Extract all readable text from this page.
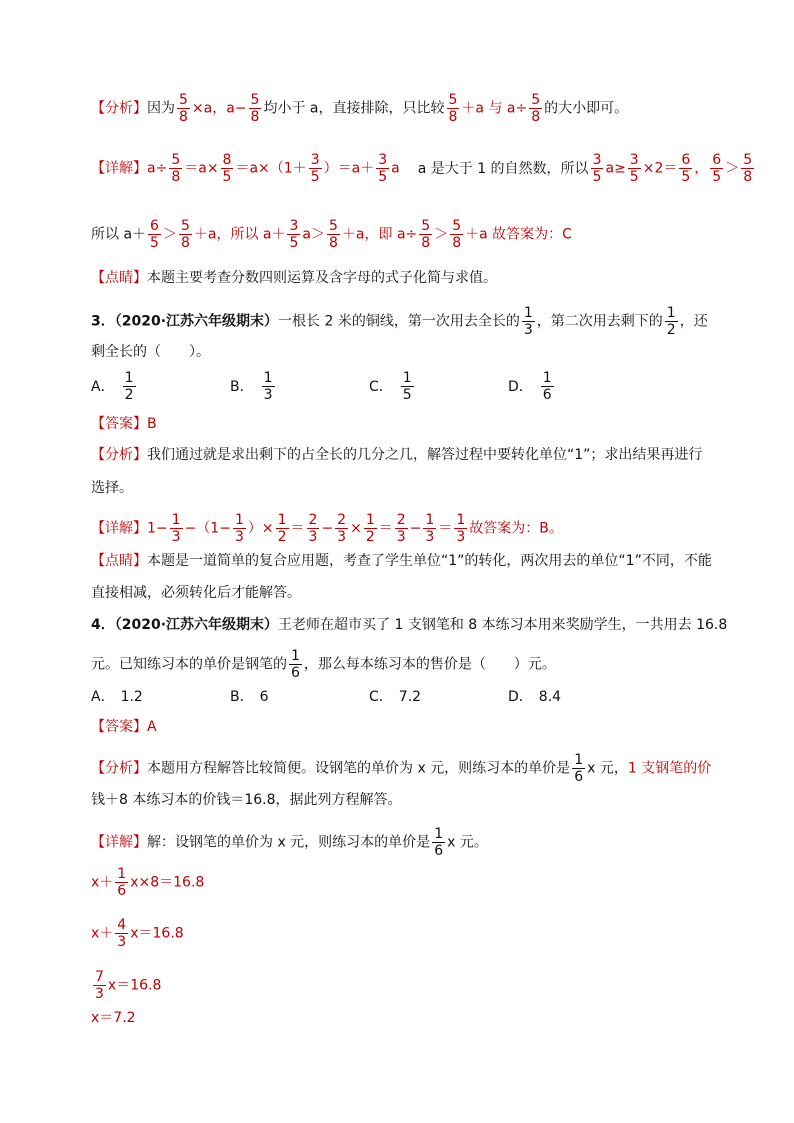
【分析】因为 $\frac{5}{8} \times a$，$a- \frac{5}{8}$ 均小于 a，直接排除，只比较 $\frac{5}{8} +a$ 与 $a\div \frac{5}{8}$ 的大小即可。
【详解】$a\div \frac{5}{8} =a\times \frac{8}{5} =a\times(1+ \frac{3}{5} )=a+ \frac{3}{5}$ a a 是大于 1 的自然数，所以 $\frac{3}{5} a\ge \frac{3}{5} \times 2= \frac{6}{5}$ ， $\frac{6}{5} > \frac{5}{8}$
所以 $a+ \frac{6}{5} > \frac{5}{8} +a$，所以 $a+ \frac{3}{5} a> \frac{5}{8} +a$，即 $a\div \frac{5}{8} > \frac{5}{8} +a$ 故答案为：C
【点睛】本题主要考查分数四则运算及含字母的式子化简与求值。
3．（2020·江苏六年级期末）一根长 2 米的铜线，第一次用去全长的 $\frac{1}{3}$ ，第二次用去剩下的 $\frac{1}{2}$ ，还
剩全长的（　　）。
A． $\frac{1}{2}$	B． $\frac{1}{3}$	C． $\frac{1}{5}$	D． $\frac{1}{6}$
【答案】B
【分析】我们通过就是求出剩下的占全长的几分之几，解答过程中要转化单位“1”；求出结果再进行
选择。
【详解】$1- \frac{1}{3} -(1- \frac{1}{3}$ ）× $\frac{1}{2} = \frac{2}{3} - \frac{2}{3} \times \frac{1}{2} = \frac{2}{3} - \frac{1}{3} = \frac{1}{3}$ 故答案为：B。
【点睛】本题是一道简单的复合应用题，考查了学生单位“1”的转化，两次用去的单位“1”不同，不能
直接相减，必须转化后才能解答。
4．（2020·江苏六年级期末）王老师在超市买了 1 支钢笔和 8 本练习本用来奖励学生，一共用去 16.8
元。已知练习本的单价是钢笔的 $\frac{1}{6}$ ，那么每本练习本的售价是（　　）元。
A． 1.2	B． 6	C． 7.2	D． 8.4
【答案】A
【分析】本题用方程解答比较简便。设钢笔的单价为 x 元，则练习本的单价是 $\frac{1}{6}$ x 元，1 支钢笔的价
钱＋8 本练习本的价钱＝16.8，据此列方程解答。
【详解】解：设钢笔的单价为 x 元，则练习本的单价是 $\frac{1}{6}$ x 元。
$x+ \frac{1}{6} x\times 8=16.8$
$x+ \frac{4}{3} x=16.8$
$\frac{7}{3} x=16.8$
x＝7.2
